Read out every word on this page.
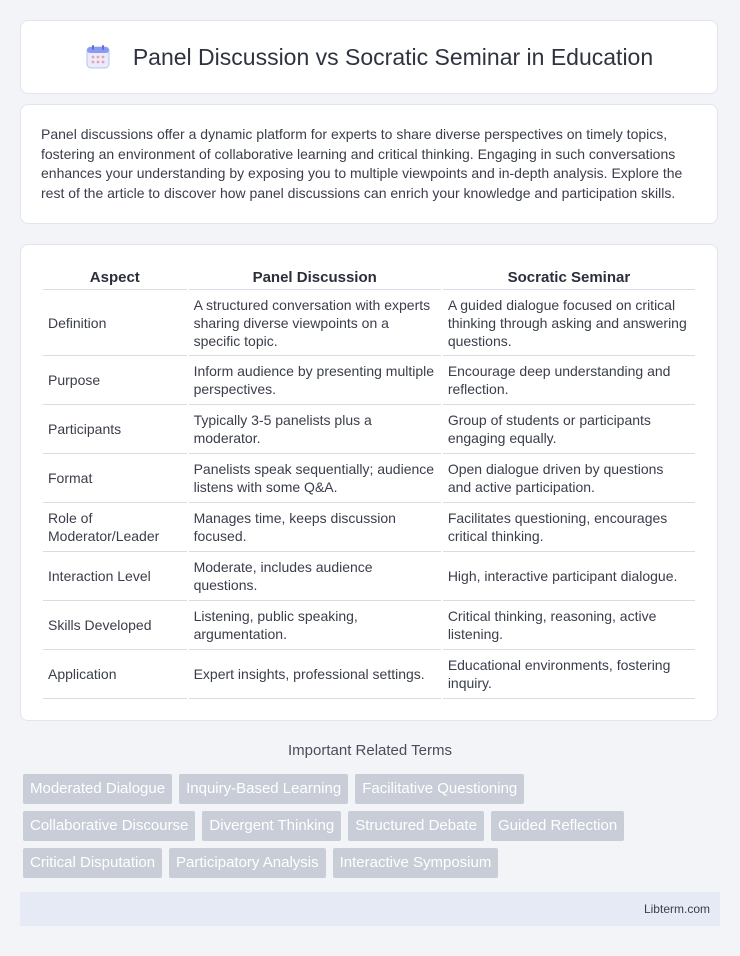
Panel Discussion vs Socratic Seminar in Education

Panel discussions offer a dynamic platform for experts to share diverse perspectives on timely topics, fostering an environment of collaborative learning and critical thinking. Engaging in such conversations enhances your understanding by exposing you to multiple viewpoints and in-depth analysis. Explore the rest of the article to discover how panel discussions can enrich your knowledge and participation skills.

Aspect	Panel Discussion	Socratic Seminar
Definition	A structured conversation with experts sharing diverse viewpoints on a specific topic.	A guided dialogue focused on critical thinking through asking and answering questions.
Purpose	Inform audience by presenting multiple perspectives.	Encourage deep understanding and reflection.
Participants	Typically 3-5 panelists plus a moderator.	Group of students or participants engaging equally.
Format	Panelists speak sequentially; audience listens with some Q&A.	Open dialogue driven by questions and active participation.
Role of Moderator/Leader	Manages time, keeps discussion focused.	Facilitates questioning, encourages critical thinking.
Interaction Level	Moderate, includes audience questions.	High, interactive participant dialogue.
Skills Developed	Listening, public speaking, argumentation.	Critical thinking, reasoning, active listening.
Application	Expert insights, professional settings.	Educational environments, fostering inquiry.
Important Related Terms
Moderated Dialogue	Inquiry-Based Learning	Facilitative Questioning
Collaborative Discourse	Divergent Thinking	Structured Debate	Guided Reflection
Critical Disputation	Participatory Analysis	Interactive Symposium
Libterm.com
